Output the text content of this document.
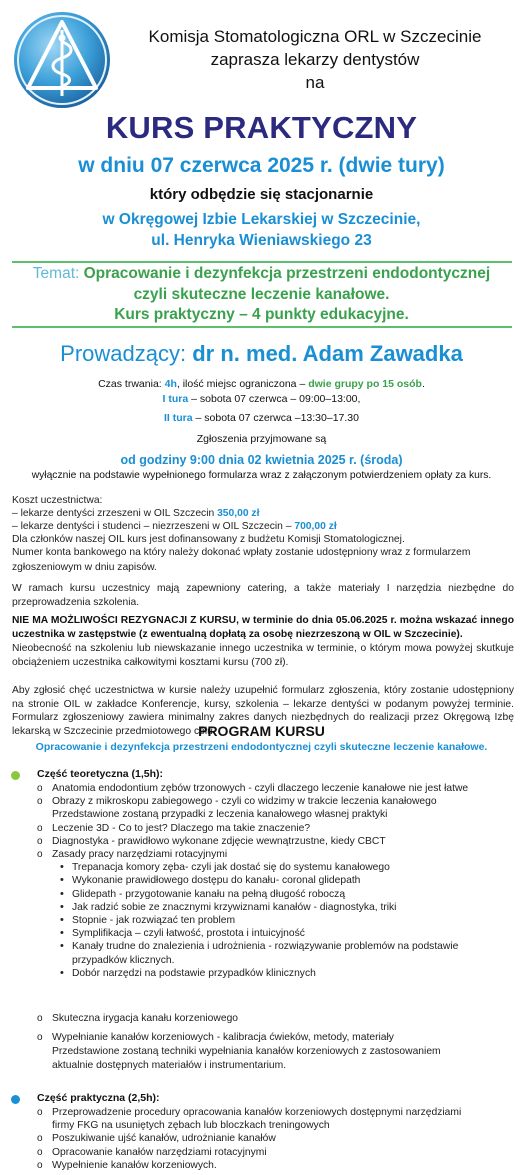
Komisja Stomatologiczna ORL w Szczecinie
zaprasza lekarzy dentystów
na
KURS PRAKTYCZNY
w dniu 07 czerwca 2025 r. (dwie tury)
który odbędzie się stacjonarnie
w Okręgowej Izbie Lekarskiej w Szczecinie,
ul. Henryka Wieniawskiego 23
Temat: Opracowanie i dezynfekcja przestrzeni endodontycznej
czyli skuteczne leczenie kanałowe.
Kurs praktyczny – 4 punkty edukacyjne.
Prowadzący: dr n. med. Adam Zawadka
Czas trwania: 4h, ilość miejsc ograniczona – dwie grupy po 15 osób.
I tura – sobota 07 czerwca – 09:00–13:00,
II tura – sobota 07 czerwca –13:30–17.30
Zgłoszenia przyjmowane są
od godziny 9:00 dnia 02 kwietnia 2025 r. (środa)
wyłącznie na podstawie wypełnionego formularza wraz z załączonym potwierdzeniem opłaty za kurs.
Koszt uczestnictwa:
– lekarze dentyści zrzeszeni w OIL Szczecin 350,00 zł
– lekarze dentyści i studenci – niezrzeszeni w OIL Szczecin – 700,00 zł
Dla członków naszej OIL kurs jest dofinansowany z budżetu Komisji Stomatologicznej.
Numer konta bankowego na który należy dokonać wpłaty zostanie udostępniony wraz z formularzem
zgłoszeniowym w dniu zapisów.
W ramach kursu uczestnicy mają zapewniony catering, a także materiały I narzędzia niezbędne do przeprowadzenia szkolenia.
NIE MA MOŻLIWOŚCI REZYGNACJI Z KURSU, w terminie do dnia 05.06.2025 r. można wskazać innego uczestnika w zastępstwie (z ewentualną dopłatą za osobę niezrzeszoną w OIL w Szczecinie).
Nieobecność na szkoleniu lub niewskazanie innego uczestnika w terminie, o którym mowa powyżej skutkuje obciążeniem uczestnika całkowitymi kosztami kursu (700 zł).
Aby zgłosić chęć uczestnictwa w kursie należy uzupełnić formularz zgłoszenia, który zostanie udostępniony na stronie OIL w zakładce Konferencje, kursy, szkolenia – lekarze dentyści w podanym powyżej terminie. Formularz zgłoszeniowy zawiera minimalny zakres danych niezbędnych do realizacji przez Okręgową Izbę lekarską w Szczecinie przedmiotowego celu.
PROGRAM KURSU
Opracowanie i dezynfekcja przestrzeni endodontycznej czyli skuteczne leczenie kanałowe.
Część teoretyczna (1,5h):
o Anatomia endodontium zębów trzonowych - czyli dlaczego leczenie kanałowe nie jest łatwe
o Obrazy z mikroskopu zabiegowego - czyli co widzimy w trakcie leczenia kanałowego
Przedstawione zostaną przypadki z leczenia kanałowego własnej praktyki
o Leczenie 3D - Co to jest? Dlaczego ma takie znaczenie?
o Diagnostyka - prawidłowo wykonane zdjęcie wewnątrzustne, kiedy CBCT
o Zasady pracy narzędziami rotacyjnymi
• Trepanacja komory zęba- czyli jak dostać się do systemu kanałowego
• Wykonanie prawidłowego dostępu do kanału- coronal glidepath
• Glidepath - przygotowanie kanału na pełną długość roboczą
• Jak radzić sobie ze znacznymi krzywiznami kanałów - diagnostyka, triki
• Stopnie - jak rozwiązać ten problem
• Symplifikacja – czyli łatwość, prostota i intuicyjność
• Kanały trudne do znalezienia i udrożnienia - rozwiązywanie problemów na podstawie
przypadków klicznych.
• Dobór narzędzi na podstawie przypadków klinicznych
o Skuteczna irygacja kanału korzeniowego
o Wypełnianie kanałów korzeniowych - kalibracja ćwieków, metody, materiały
Przedstawione zostaną techniki wypełniania kanałów korzeniowych z zastosowaniem
aktualnie dostępnych materiałów i instrumentarium.
Część praktyczna (2,5h):
o Przeprowadzenie procedury opracowania kanałów korzeniowych dostępnymi narzędziami
firmy FKG na usuniętych zębach lub bloczkach treningowych
o Poszukiwanie ujść kanałów, udrożnianie kanałów
o Opracowanie kanałów narzędziami rotacyjnymi
o Wypełnienie kanałów korzeniowych.
